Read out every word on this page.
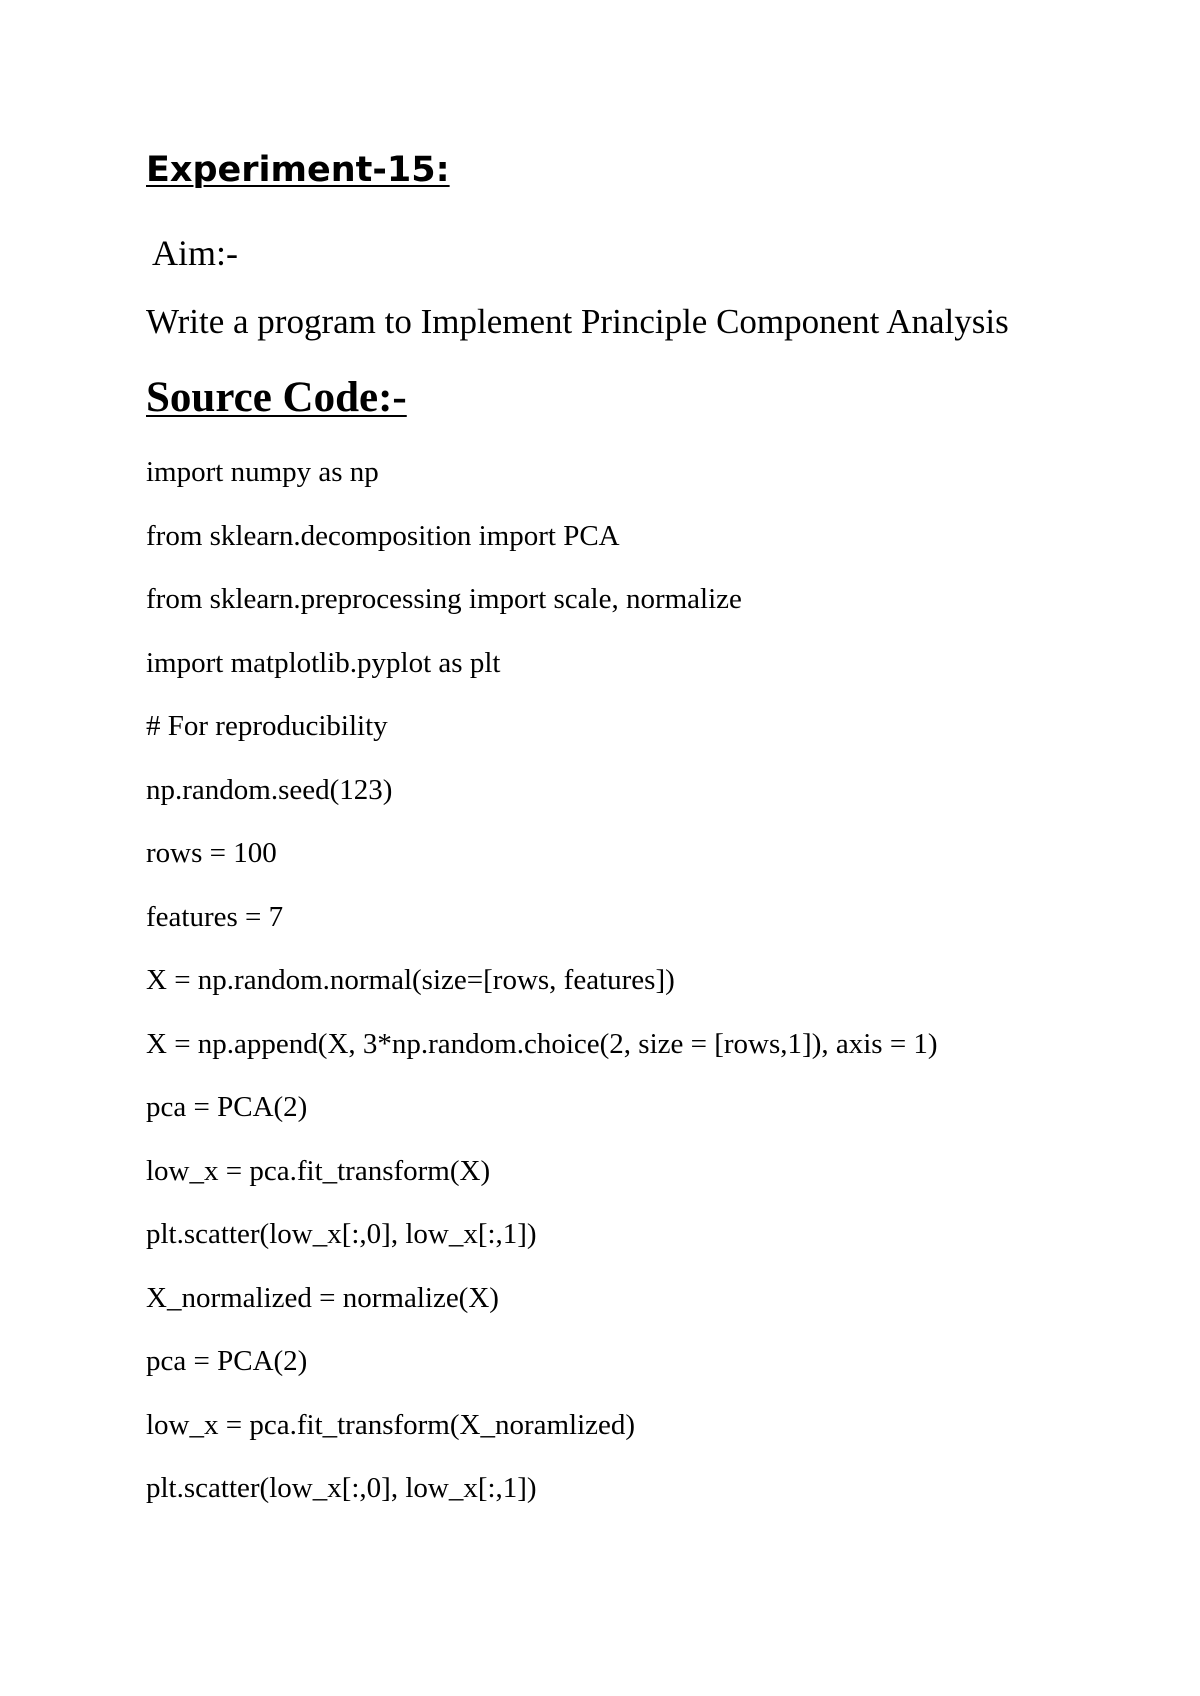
Experiment-15:
Aim:-
Write a program to Implement Principle Component Analysis
Source Code:-
import numpy as np
from sklearn.decomposition import PCA
from sklearn.preprocessing import scale, normalize
import matplotlib.pyplot as plt
# For reproducibility
np.random.seed(123)
rows = 100
features = 7
X = np.random.normal(size=[rows, features])
X = np.append(X, 3*np.random.choice(2, size = [rows,1]), axis = 1)
pca = PCA(2)
low_x = pca.fit_transform(X)
plt.scatter(low_x[:,0], low_x[:,1])
X_normalized = normalize(X)
pca = PCA(2)
low_x = pca.fit_transform(X_noramlized)
plt.scatter(low_x[:,0], low_x[:,1])
